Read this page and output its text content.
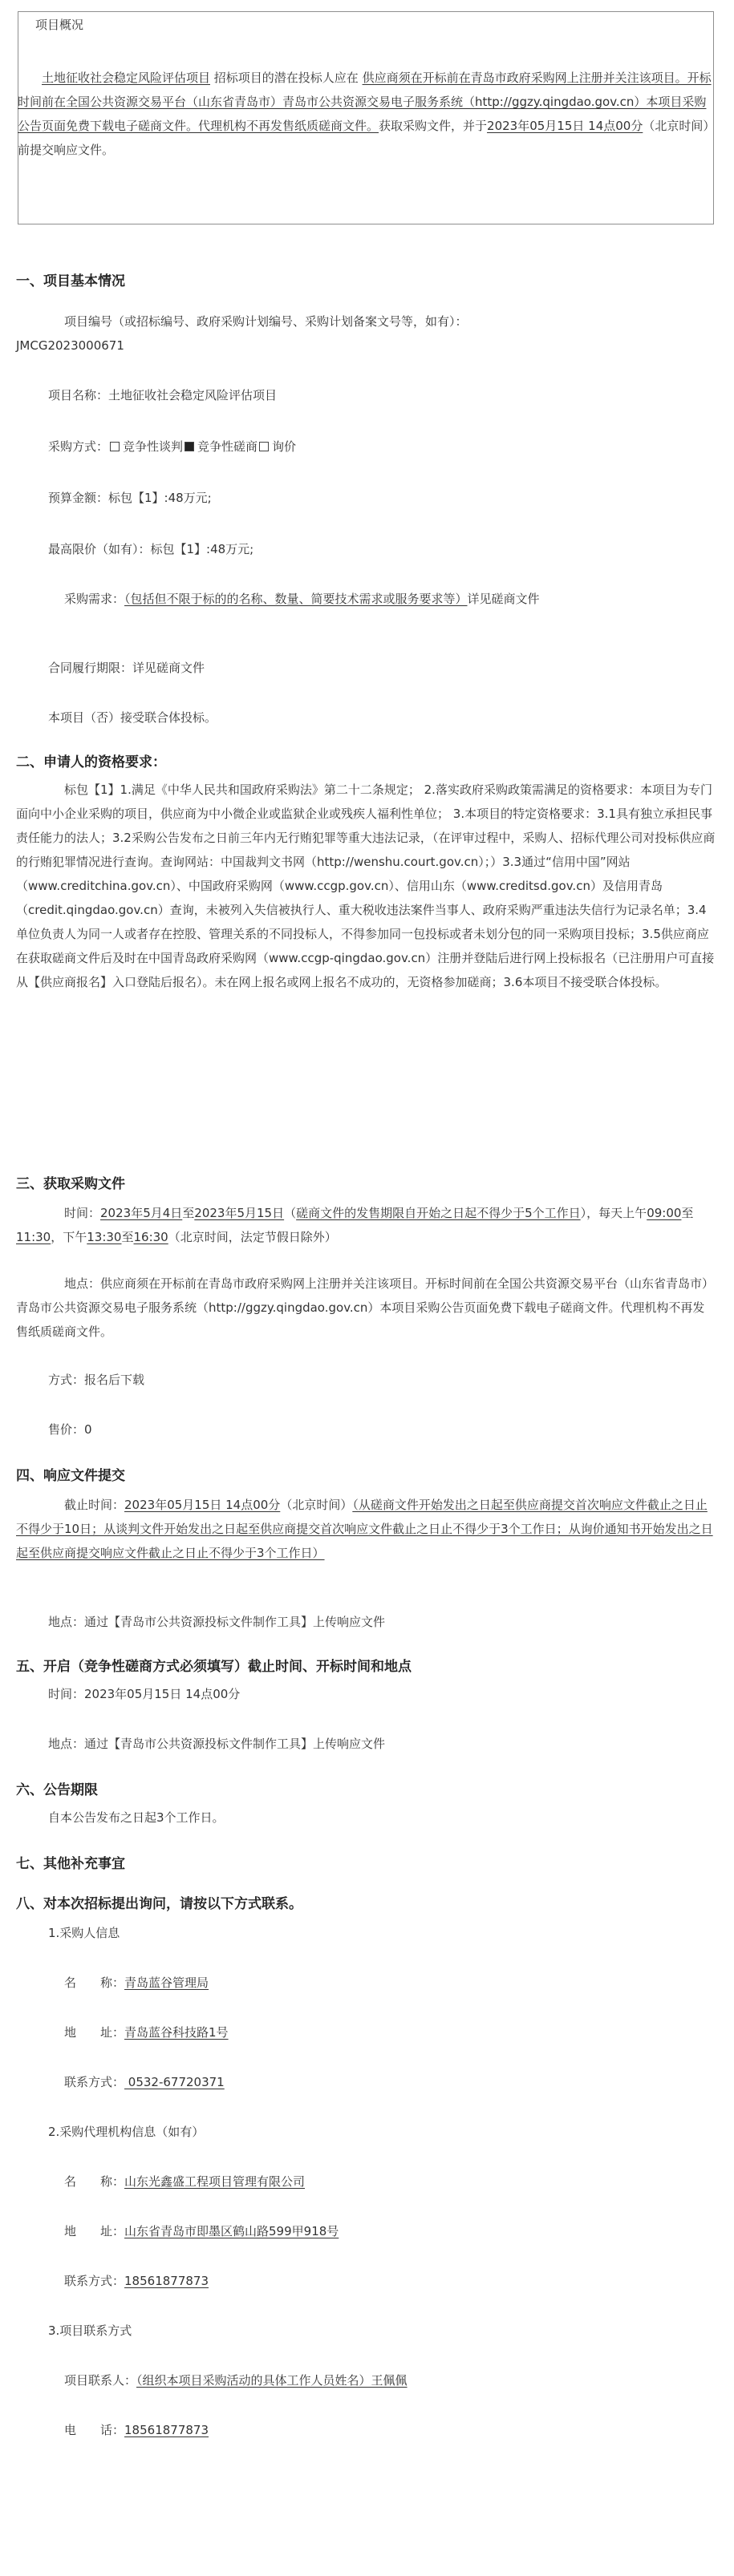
项目概况
土地征收社会稳定风险评估项目 招标项目的潜在投标人应在 供应商须在开标前在青岛市政府采购网上注册并关注该项目。开标时间前在全国公共资源交易平台（山东省青岛市）青岛市公共资源交易电子服务系统（http://ggzy.qingdao.gov.cn）本项目采购公告页面免费下载电子磋商文件。代理机构不再发售纸质磋商文件。获取采购文件，并于2023年05月15日 14点00分（北京时间）前提交响应文件。
一、项目基本情况
项目编号（或招标编号、政府采购计划编号、采购计划备案文号等，如有）：
JMCG2023000671
项目名称：土地征收社会稳定风险评估项目
采购方式： 竞争性谈判 竞争性磋商 询价
预算金额：标包【1】:48万元;
最高限价（如有）：标包【1】:48万元;
采购需求：（包括但不限于标的的名称、数量、简要技术需求或服务要求等）详见磋商文件
合同履行期限：详见磋商文件
本项目（否）接受联合体投标。
二、申请人的资格要求：
标包【1】1.满足《中华人民共和国政府采购法》第二十二条规定； 2.落实政府采购政策需满足的资格要求：本项目为专门面向中小企业采购的项目，供应商为中小微企业或监狱企业或残疾人福利性单位； 3.本项目的特定资格要求：3.1具有独立承担民事责任能力的法人；3.2采购公告发布之日前三年内无行贿犯罪等重大违法记录，（在评审过程中，采购人、招标代理公司对投标供应商的行贿犯罪情况进行查询。查询网站：中国裁判文书网（http://wenshu.court.gov.cn）；）3.3通过“信用中国”网站（www.creditchina.gov.cn）、中国政府采购网（www.ccgp.gov.cn）、信用山东（www.creditsd.gov.cn）及信用青岛（credit.qingdao.gov.cn）查询，未被列入失信被执行人、重大税收违法案件当事人、政府采购严重违法失信行为记录名单；3.4单位负责人为同一人或者存在控股、管理关系的不同投标人，不得参加同一包投标或者未划分包的同一采购项目投标；3.5供应商应在获取磋商文件后及时在中国青岛政府采购网（www.ccgp-qingdao.gov.cn）注册并登陆后进行网上投标报名（已注册用户可直接从【供应商报名】入口登陆后报名）。未在网上报名或网上报名不成功的，无资格参加磋商；3.6本项目不接受联合体投标。
三、获取采购文件
时间：2023年5月4日至2023年5月15日（磋商文件的发售期限自开始之日起不得少于5个工作日），每天上午09:00至11:30，下午13:30至16:30（北京时间，法定节假日除外）
地点：供应商须在开标前在青岛市政府采购网上注册并关注该项目。开标时间前在全国公共资源交易平台（山东省青岛市）青岛市公共资源交易电子服务系统（http://ggzy.qingdao.gov.cn）本项目采购公告页面免费下载电子磋商文件。代理机构不再发售纸质磋商文件。
方式：报名后下载
售价：0
四、响应文件提交
截止时间：2023年05月15日 14点00分（北京时间）（从磋商文件开始发出之日起至供应商提交首次响应文件截止之日止不得少于10日；从谈判文件开始发出之日起至供应商提交首次响应文件截止之日止不得少于3个工作日；从询价通知书开始发出之日起至供应商提交响应文件截止之日止不得少于3个工作日）
地点：通过【青岛市公共资源投标文件制作工具】上传响应文件
五、开启（竞争性磋商方式必须填写）截止时间、开标时间和地点
时间：2023年05月15日 14点00分
地点：通过【青岛市公共资源投标文件制作工具】上传响应文件
六、公告期限
自本公告发布之日起3个工作日。
七、其他补充事宜
八、对本次招标提出询问，请按以下方式联系。
1.采购人信息
名　　称：青岛蓝谷管理局
地　　址：青岛蓝谷科技路1号
联系方式： 0532-67720371
2.采购代理机构信息（如有）
名　　称：山东光鑫盛工程项目管理有限公司
地　　址：山东省青岛市即墨区鹤山路599甲918号
联系方式：18561877873
3.项目联系方式
项目联系人：（组织本项目采购活动的具体工作人员姓名）王佩佩
电　　话：18561877873
